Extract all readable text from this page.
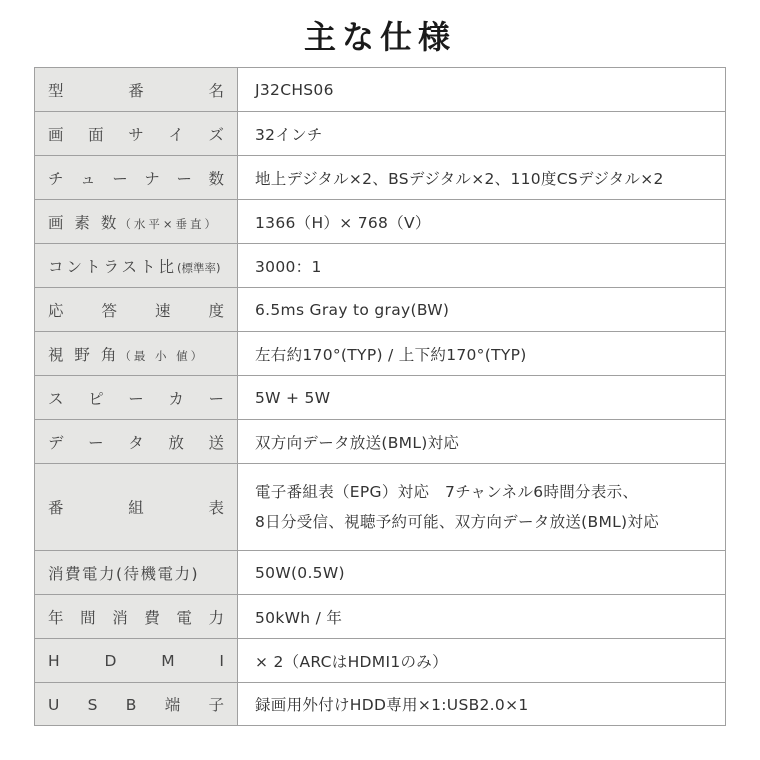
主な仕様
型 番 名	J32CHS06

画 面 サ イ ズ	32インチ

チ ュ ー ナ ー 数	地上デジタル×2、BSデジタル×2、110度CSデジタル×2

画 素 数 （水平×垂直）	1366（H）× 768（V）

コントラスト比 (標準率)	3000：1

応 答 速 度	6.5ms Gray to gray(BW)

視 野 角 （最 小 値）	左右約170°(TYP) / 上下約170°(TYP)

ス ピ ー カ ー	5W + 5W

デ ー タ 放 送	双方向データ放送(BML)対応

番 組 表	電子番組表（EPG）対応　7チャンネル6時間分表示、
8日分受信、視聴予約可能、双方向データ放送(BML)対応

消費電力(待機電力)	50W(0.5W)

年 間 消 費 電 力	50kWh / 年

H D M I	× 2（ARCはHDMI1のみ）

U S B 端 子	録画用外付けHDD専用×1:USB2.0×1
